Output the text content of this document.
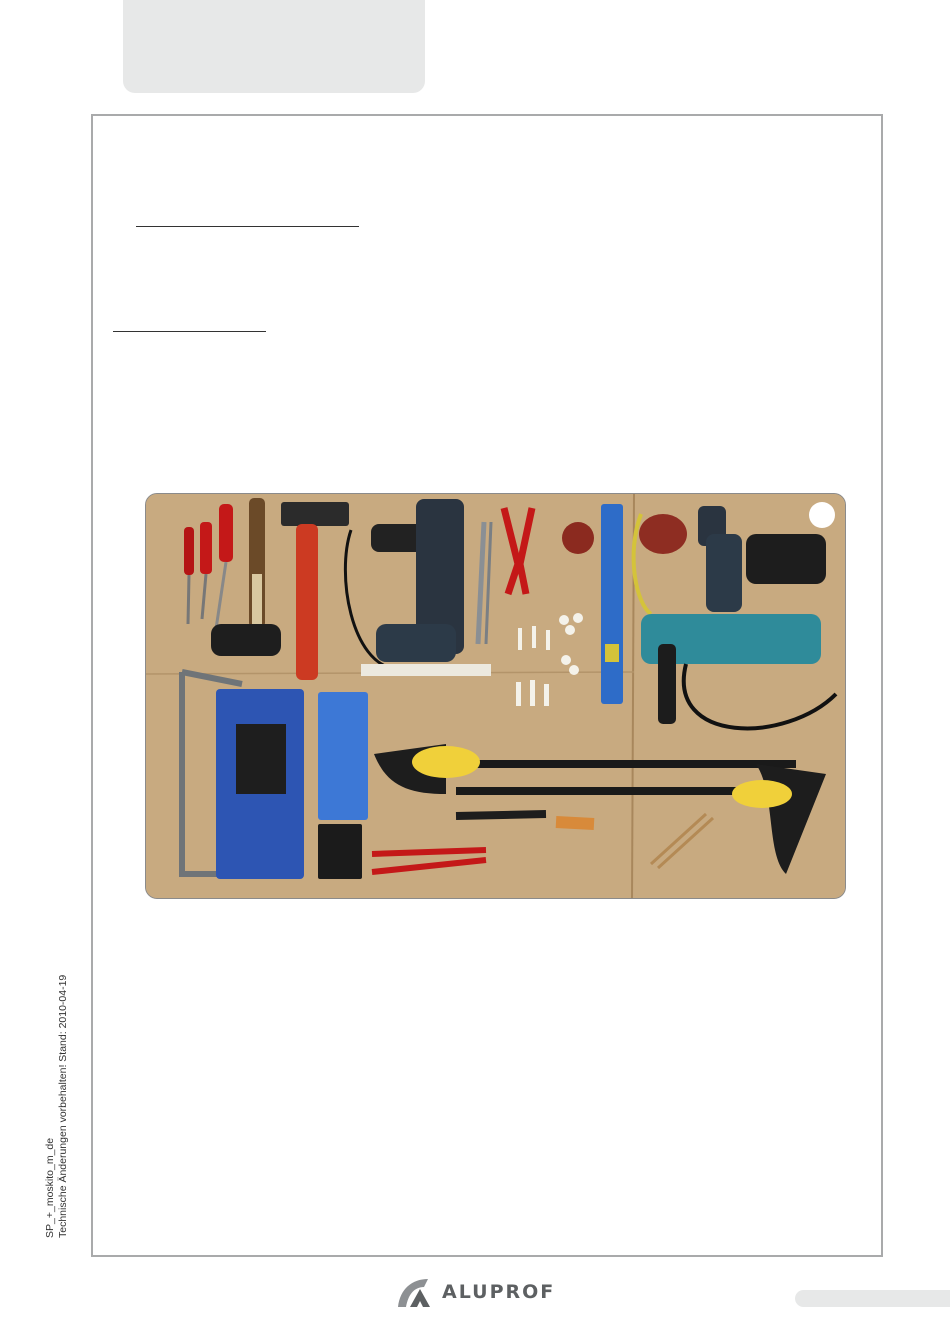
SP_+_moskito_m_de Technische Änderungen vorbehalten! Stand: 2010-04-19
ALUPROF
